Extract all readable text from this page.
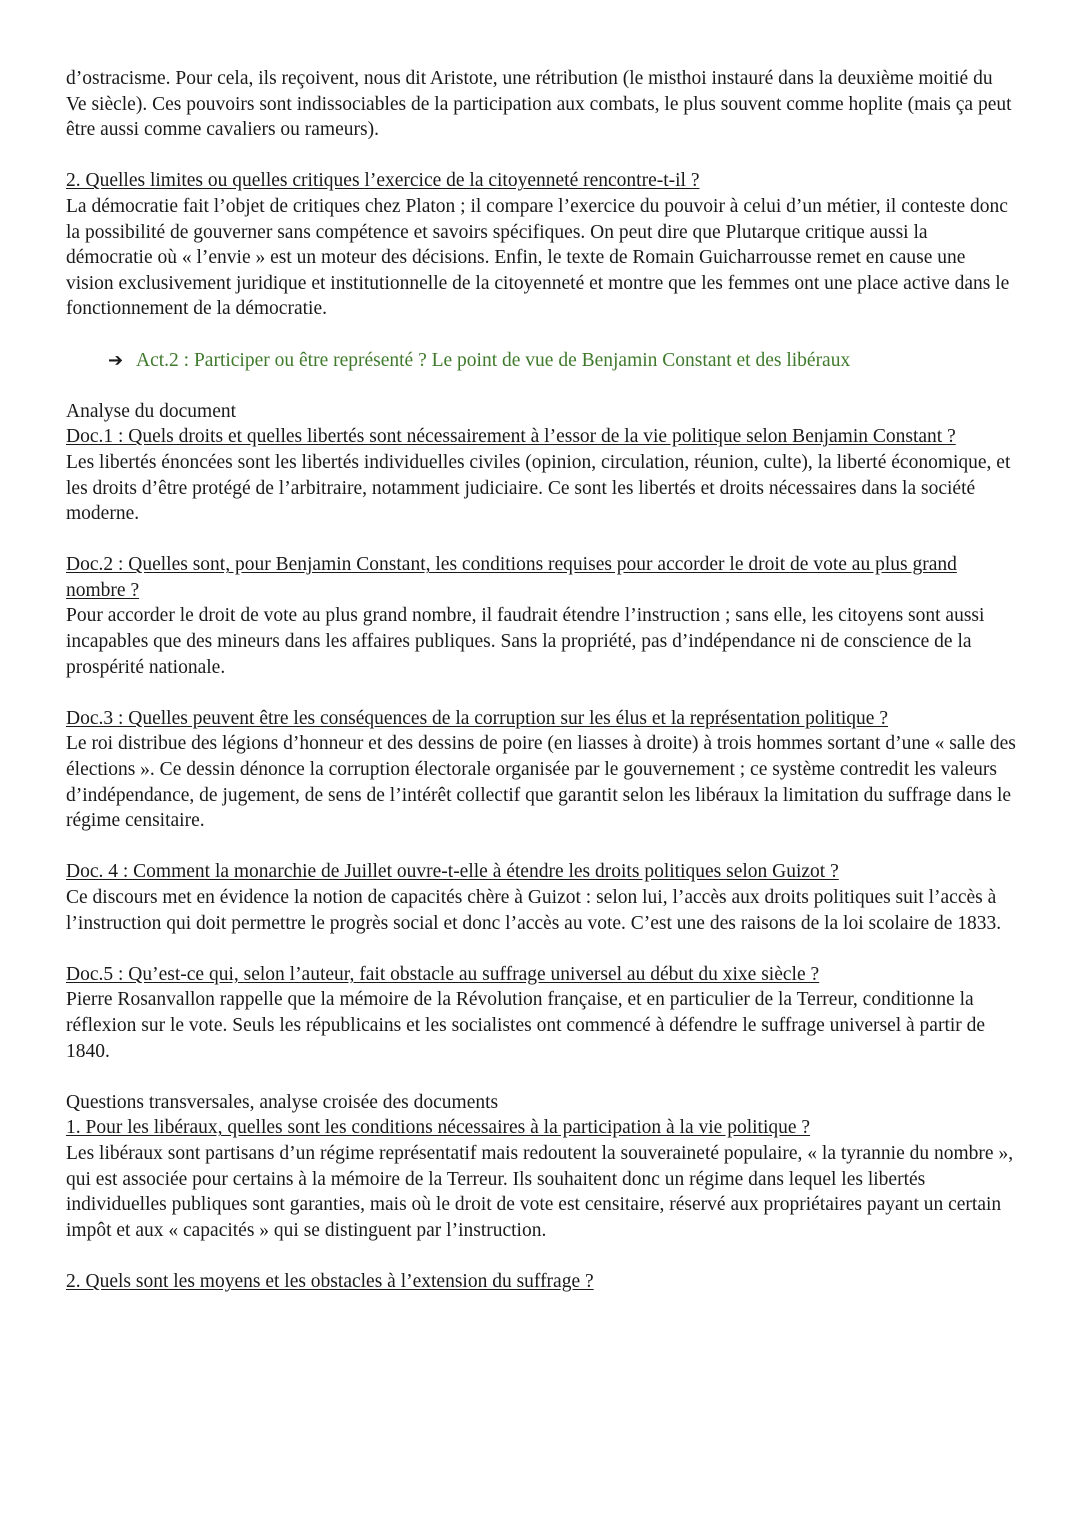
d’ostracisme. Pour cela, ils reçoivent, nous dit Aristote, une rétribution (le misthoi instauré dans la deuxième moitié du Ve siècle). Ces pouvoirs sont indissociables de la participation aux combats, le plus souvent comme hoplite (mais ça peut être aussi comme cavaliers ou rameurs).

2. Quelles limites ou quelles critiques l’exercice de la citoyenneté rencontre-t-il ?

La démocratie fait l’objet de critiques chez Platon ; il compare l’exercice du pouvoir à celui d’un métier, il conteste donc la possibilité de gouverner sans compétence et savoirs spécifiques. On peut dire que Plutarque critique aussi la démocratie où « l’envie » est un moteur des décisions. Enfin, le texte de Romain Guicharrousse remet en cause une vision exclusivement juridique et institutionnelle de la citoyenneté et montre que les femmes ont une place active dans le fonctionnement de la démocratie.

➔ Act.2 : Participer ou être représenté ? Le point de vue de Benjamin Constant et des libéraux

Analyse du document

Doc.1 : Quels droits et quelles libertés sont nécessairement à l’essor de la vie politique selon Benjamin Constant ?

Les libertés énoncées sont les libertés individuelles civiles (opinion, circulation, réunion, culte), la liberté économique, et les droits d’être protégé de l’arbitraire, notamment judiciaire. Ce sont les libertés et droits nécessaires dans la société moderne.

Doc.2 : Quelles sont, pour Benjamin Constant, les conditions requises pour accorder le droit de vote au plus grand nombre ?

Pour accorder le droit de vote au plus grand nombre, il faudrait étendre l’instruction ; sans elle, les citoyens sont aussi incapables que des mineurs dans les affaires publiques. Sans la propriété, pas d’indépendance ni de conscience de la prospérité nationale.

Doc.3 : Quelles peuvent être les conséquences de la corruption sur les élus et la représentation politique ?

Le roi distribue des légions d’honneur et des dessins de poire (en liasses à droite) à trois hommes sortant d’une « salle des élections ». Ce dessin dénonce la corruption électorale organisée par le gouvernement ; ce système contredit les valeurs d’indépendance, de jugement, de sens de l’intérêt collectif que garantit selon les libéraux la limitation du suffrage dans le régime censitaire.

Doc. 4 : Comment la monarchie de Juillet ouvre-t-elle à étendre les droits politiques selon Guizot ?

Ce discours met en évidence la notion de capacités chère à Guizot : selon lui, l’accès aux droits politiques suit l’accès à l’instruction qui doit permettre le progrès social et donc l’accès au vote. C’est une des raisons de la loi scolaire de 1833.

Doc.5 : Qu’est-ce qui, selon l’auteur, fait obstacle au suffrage universel au début du xixe siècle ?

Pierre Rosanvallon rappelle que la mémoire de la Révolution française, et en particulier de la Terreur, conditionne la réflexion sur le vote. Seuls les républicains et les socialistes ont commencé à défendre le suffrage universel à partir de 1840.

Questions transversales, analyse croisée des documents

1. Pour les libéraux, quelles sont les conditions nécessaires à la participation à la vie politique ?

Les libéraux sont partisans d’un régime représentatif mais redoutent la souveraineté populaire, « la tyrannie du nombre », qui est associée pour certains à la mémoire de la Terreur. Ils souhaitent donc un régime dans lequel les libertés individuelles publiques sont garanties, mais où le droit de vote est censitaire, réservé aux propriétaires payant un certain impôt et aux « capacités » qui se distinguent par l’instruction.

2. Quels sont les moyens et les obstacles à l’extension du suffrage ?
